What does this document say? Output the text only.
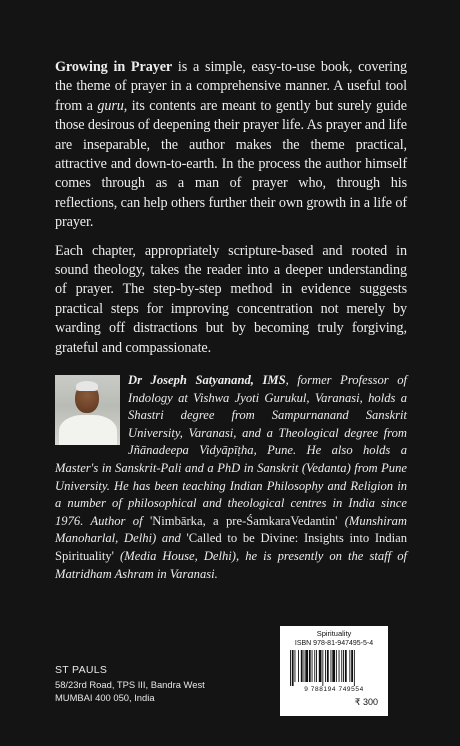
Growing in Prayer is a simple, easy-to-use book, covering the theme of prayer in a comprehensive manner. A useful tool from a guru, its contents are meant to gently but surely guide those desirous of deepening their prayer life. As prayer and life are inseparable, the author makes the theme practical, attractive and down-to-earth. In the process the author himself comes through as a man of prayer who, through his reflections, can help others further their own growth in a life of prayer.

Each chapter, appropriately scripture-based and rooted in sound theology, takes the reader into a deeper understanding of prayer. The step-by-step method in evidence suggests practical steps for improving concentration not merely by warding off distractions but by becoming truly forgiving, grateful and compassionate.

Dr Joseph Satyanand, IMS, former Professor of Indology at Vishwa Jyoti Gurukul, Varanasi, holds a Shastri degree from Sampurnanand Sanskrit University, Varanasi, and a Theological degree from Jñānadeepa Vidyāpīṭha, Pune. He also holds a Master's in Sanskrit-Pali and a PhD in Sanskrit (Vedanta) from Pune University. He has been teaching Indian Philosophy and Religion in a number of philosophical and theological centres in India since 1976. Author of 'Nimbārka, a pre-ŚamkaraVedantin' (Munshiram Manoharlal, Delhi) and 'Called to be Divine: Insights into Indian Spirituality' (Media House, Delhi), he is presently on the staff of Matridham Ashram in Varanasi.
Spirituality
ISBN 978-81-947495-5-4
9 788194 749554
₹ 300
ST PAULS
58/23rd Road, TPS III, Bandra West
MUMBAI 400 050, India
